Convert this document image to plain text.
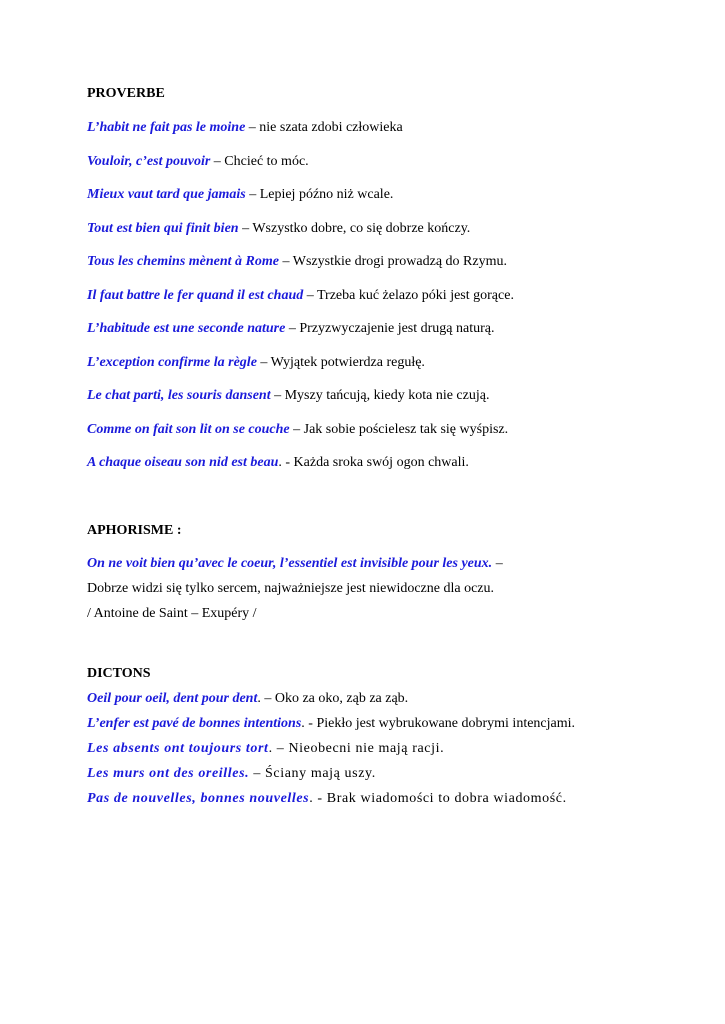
PROVERBE
L’habit ne fait pas le moine – nie szata zdobi człowieka
Vouloir, c’est pouvoir – Chcieć to móc.
Mieux vaut tard que jamais – Lepiej późno niż wcale.
Tout est bien qui finit bien – Wszystko dobre, co się dobrze kończy.
Tous les chemins mènent à Rome – Wszystkie drogi prowadzą do Rzymu.
Il faut battre le fer quand il est chaud – Trzeba kuć żelazo póki jest gorące.
L’habitude est une seconde nature – Przyzwyczajenie jest drugą naturą.
L’exception confirme la règle – Wyjątek potwierdza regułę.
Le chat parti, les souris dansent – Myszy tańcują, kiedy kota nie czują.
Comme on fait son lit on se couche – Jak sobie pościelesz tak się wyśpisz.
A chaque oiseau son nid est beau. - Każda sroka swój ogon chwali.
APHORISME :
On ne voit bien qu’avec le coeur, l’essentiel est invisible pour les yeux. –
Dobrze widzi się tylko sercem, najważniejsze jest niewidoczne dla oczu.
/ Antoine de Saint – Exupéry /
DICTONS
Oeil pour oeil, dent pour dent. – Oko za oko, ząb za ząb.
L’enfer est pavé de bonnes intentions. - Piekło jest wybrukowane dobrymi intencjami.
Les absents ont toujours tort. – Nieobecni nie mają racji.
Les murs ont des oreilles. – Ściany mają uszy.
Pas de nouvelles, bonnes nouvelles. - Brak wiadomości to dobra wiadomość.
